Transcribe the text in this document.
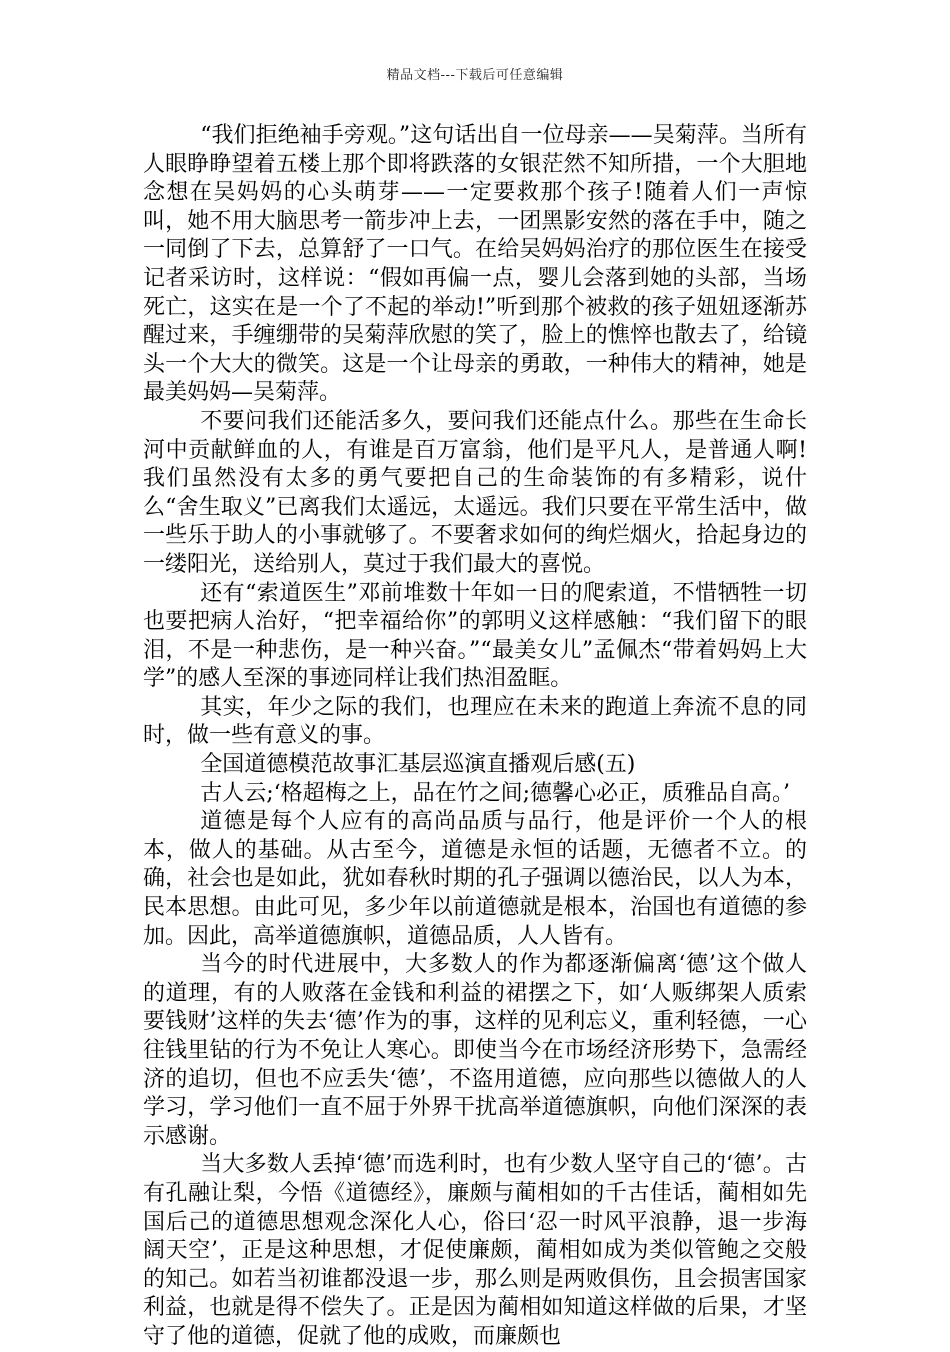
精品文档---下载后可任意编辑

“我们拒绝袖手旁观。”这句话出自一位母亲——吴菊萍。当所有人眼睁睁望着五楼上那个即将跌落的女银茫然不知所措，一个大胆地念想在吴妈妈的心头萌芽——一定要救那个孩子!随着人们一声惊叫，她不用大脑思考一箭步冲上去，一团黑影安然的落在手中，随之一同倒了下去，总算舒了一口气。在给吴妈妈治疗的那位医生在接受记者采访时，这样说：“假如再偏一点，婴儿会落到她的头部，当场死亡，这实在是一个了不起的举动!”听到那个被救的孩子妞妞逐渐苏醒过来，手缠绷带的吴菊萍欣慰的笑了，脸上的憔悴也散去了，给镜头一个大大的微笑。这是一个让母亲的勇敢，一种伟大的精神，她是最美妈妈—吴菊萍。

不要问我们还能活多久，要问我们还能点什么。那些在生命长河中贡献鲜血的人，有谁是百万富翁，他们是平凡人，是普通人啊!我们虽然没有太多的勇气要把自己的生命装饰的有多精彩，说什么“舍生取义”已离我们太遥远，太遥远。我们只要在平常生活中，做一些乐于助人的小事就够了。不要奢求如何的绚烂烟火，拾起身边的一缕阳光，送给别人，莫过于我们最大的喜悦。

还有“索道医生”邓前堆数十年如一日的爬索道，不惜牺牲一切也要把病人治好，“把幸福给你”的郭明义这样感触：“我们留下的眼泪，不是一种悲伤，是一种兴奋。”“最美女儿”孟佩杰“带着妈妈上大学”的感人至深的事迹同样让我们热泪盈眶。

其实，年少之际的我们，也理应在未来的跑道上奔流不息的同时，做一些有意义的事。

全国道德模范故事汇基层巡演直播观后感(五)

古人云;‘格超梅之上，品在竹之间;德馨心必正，质雅品自高。’

道德是每个人应有的高尚品质与品行，他是评价一个人的根本，做人的基础。从古至今，道德是永恒的话题，无德者不立。的确，社会也是如此，犹如春秋时期的孔子强调以德治民，以人为本，民本思想。由此可见，多少年以前道德就是根本，治国也有道德的参加。因此，高举道德旗帜，道德品质，人人皆有。

当今的时代进展中，大多数人的作为都逐渐偏离‘德’这个做人的道理，有的人败落在金钱和利益的裙摆之下，如‘人贩绑架人质索要钱财’这样的失去‘德’作为的事，这样的见利忘义，重利轻德，一心往钱里钻的行为不免让人寒心。即使当今在市场经济形势下，急需经济的追切，但也不应丢失‘德’，不盗用道德，应向那些以德做人的人学习，学习他们一直不屈于外界干扰高举道德旗帜，向他们深深的表示感谢。

当大多数人丢掉‘德’而选利时，也有少数人坚守自己的‘德’。古有孔融让梨，今悟《道德经》，廉颇与蔺相如的千古佳话，蔺相如先国后己的道德思想观念深化人心，俗曰‘忍一时风平浪静，退一步海阔天空’，正是这种思想，才促使廉颇，蔺相如成为类似管鲍之交般的知己。如若当初谁都没退一步，那么则是两败俱伤，且会损害国家利益，也就是得不偿失了。正是因为蔺相如知道这样做的后果，才坚守了他的道德，促就了他的成败，而廉颇也
